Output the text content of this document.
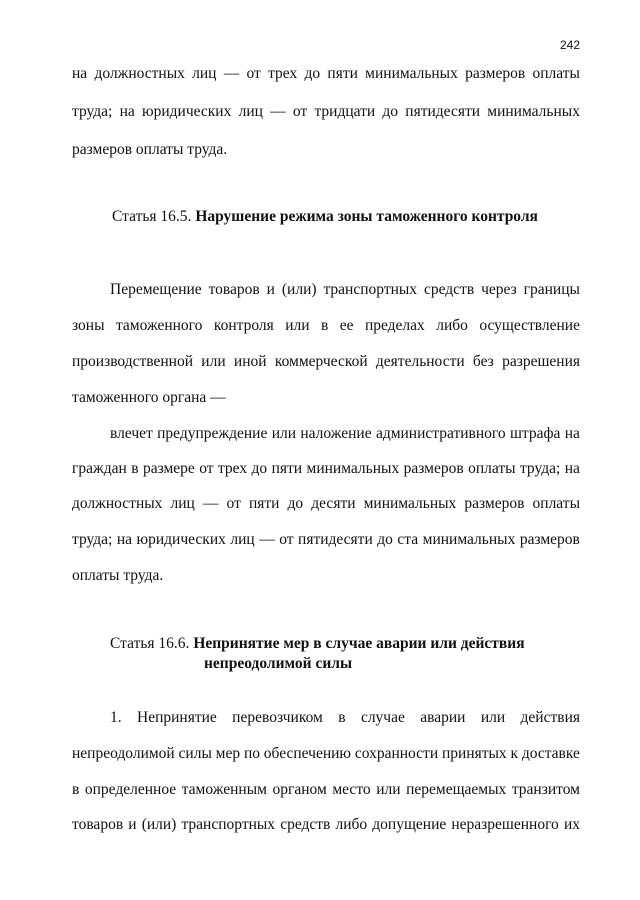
242
на должностных лиц — от трех до пяти минимальных размеров оплаты
труда; на юридических лиц — от тридцати до пятидесяти минимальных
размеров оплаты труда.
Статья 16.5. Нарушение режима зоны таможенного контроля
Перемещение товаров и (или) транспортных средств через границы
зоны таможенного контроля или в ее пределах либо осуществление
производственной или иной коммерческой деятельности без разрешения
таможенного органа —
влечет предупреждение или наложение административного штрафа на
граждан в размере от трех до пяти минимальных размеров оплаты труда; на
должностных лиц — от пяти до десяти минимальных размеров оплаты
труда; на юридических лиц — от пятидесяти до ста минимальных размеров
оплаты труда.
Статья 16.6. Непринятие мер в случае аварии или действия
непреодолимой силы
1. Непринятие перевозчиком в случае аварии или действия
непреодолимой силы мер по обеспечению сохранности принятых к доставке
в определенное таможенным органом место или перемещаемых транзитом
товаров и (или) транспортных средств либо допущение неразрешенного их
